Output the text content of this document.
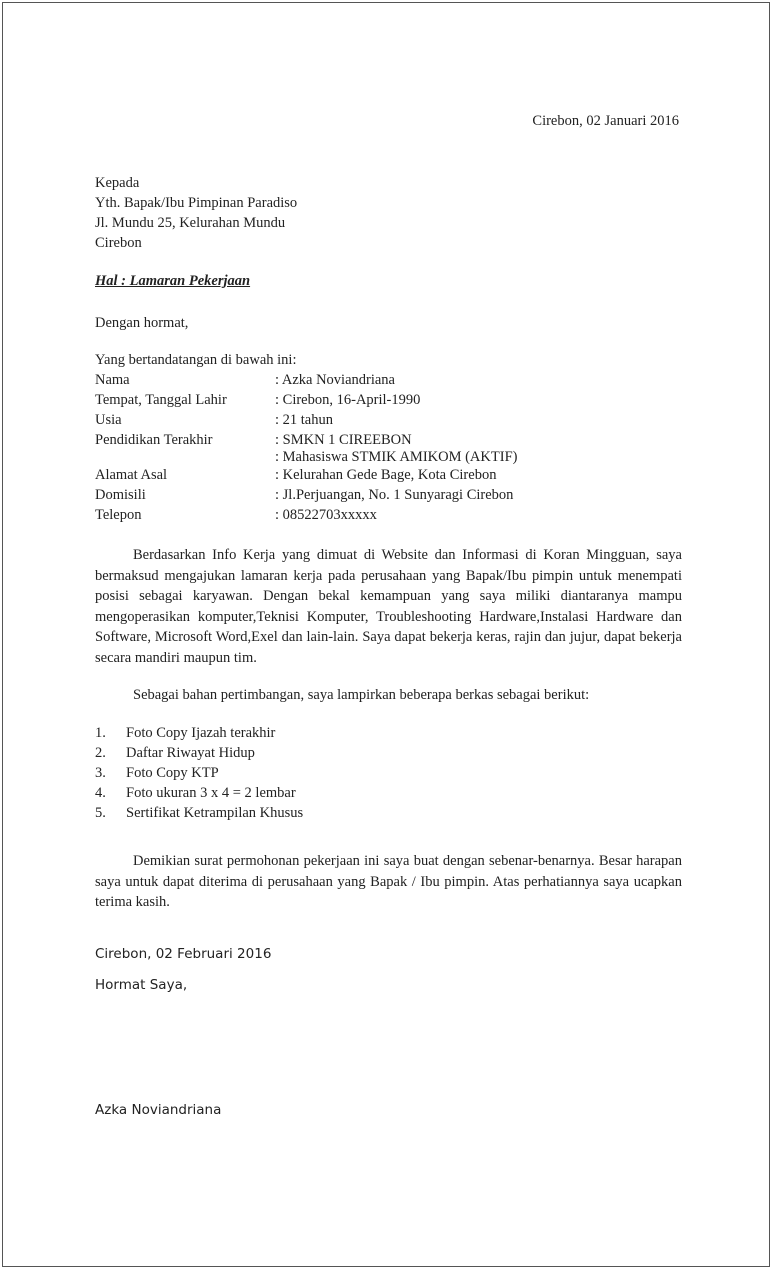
Cirebon, 02 Januari 2016

Kepada
Yth. Bapak/Ibu Pimpinan Paradiso
Jl. Mundu 25, Kelurahan Mundu
Cirebon

Hal : Lamaran Pekerjaan

Dengan hormat,

Yang bertandatangan di bawah ini:

Nama	: Azka Noviandriana
Tempat, Tanggal Lahir	: Cirebon, 16-April-1990
Usia	: 21 tahun
Pendidikan Terakhir	: SMKN 1 CIREEBON
: Mahasiswa STMIK AMIKOM (AKTIF)
Alamat Asal	: Kelurahan Gede Bage, Kota Cirebon
Domisili	: Jl.Perjuangan, No. 1 Sunyaragi Cirebon
Telepon	: 08522703xxxxx

Berdasarkan Info Kerja yang dimuat di Website dan Informasi di Koran Mingguan, saya bermaksud mengajukan lamaran kerja pada perusahaan yang Bapak/Ibu pimpin untuk menempati posisi sebagai karyawan. Dengan bekal kemampuan yang saya miliki diantaranya mampu mengoperasikan komputer,Teknisi Komputer, Troubleshooting Hardware,Instalasi Hardware dan Software, Microsoft Word,Exel dan lain-lain. Saya dapat bekerja keras, rajin dan jujur, dapat bekerja secara mandiri maupun tim.

Sebagai bahan pertimbangan, saya lampirkan beberapa berkas sebagai berikut:

1. Foto Copy Ijazah terakhir
2. Daftar Riwayat Hidup
3. Foto Copy KTP
4. Foto ukuran 3 x 4 = 2 lembar
5. Sertifikat Ketrampilan Khusus

Demikian surat permohonan pekerjaan ini saya buat dengan sebenar-benarnya. Besar harapan saya untuk dapat diterima di perusahaan yang Bapak / Ibu pimpin. Atas perhatiannya saya ucapkan terima kasih.

Cirebon, 02 Februari 2016

Hormat Saya,

Azka Noviandriana
